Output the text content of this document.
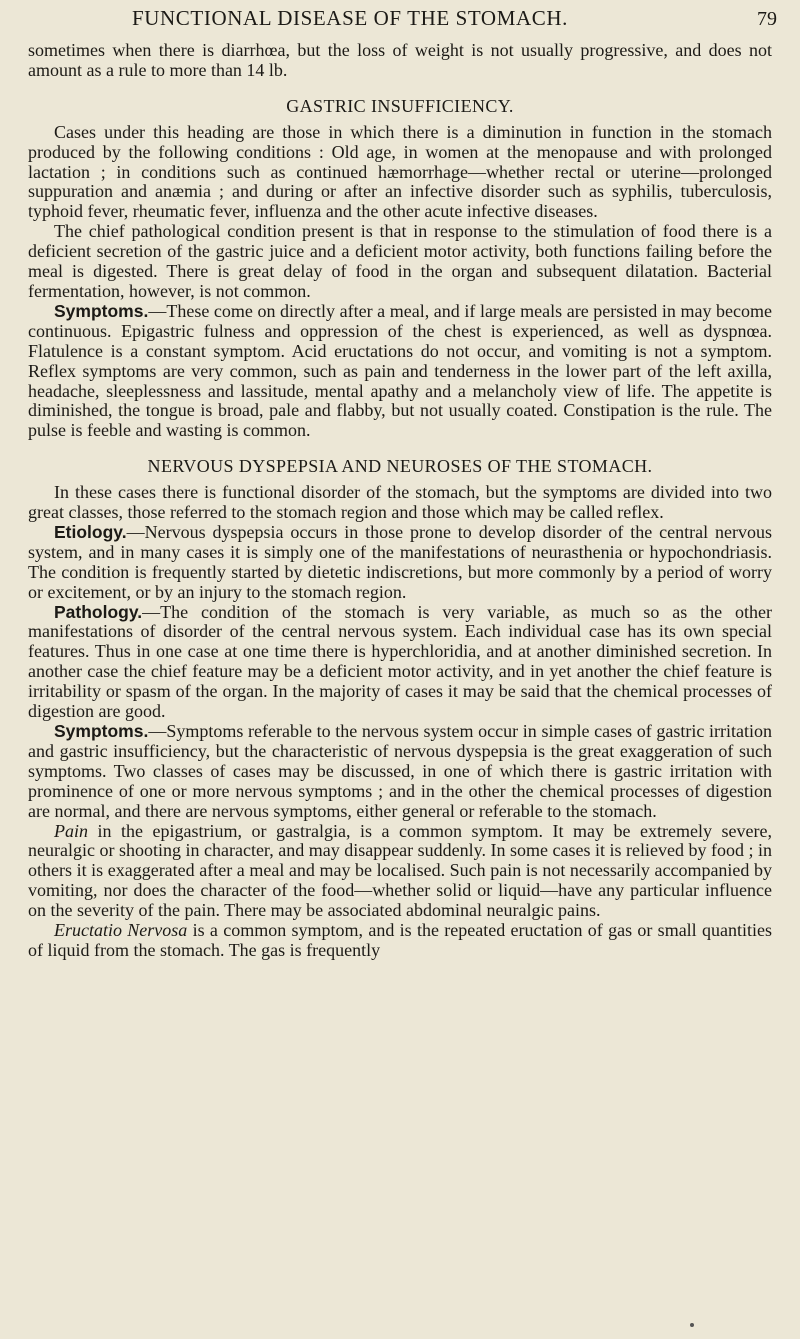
FUNCTIONAL DISEASE OF THE STOMACH.	79

sometimes when there is diarrhœa, but the loss of weight is not usually progressive, and does not amount as a rule to more than 14 lb.

GASTRIC INSUFFICIENCY.

Cases under this heading are those in which there is a diminution in function in the stomach produced by the following conditions : Old age, in women at the menopause and with prolonged lactation ; in conditions such as continued hæmorrhage—whether rectal or uterine—prolonged suppuration and anæmia ; and during or after an infective disorder such as syphilis, tuberculosis, typhoid fever, rheumatic fever, influenza and the other acute infective diseases.

The chief pathological condition present is that in response to the stimulation of food there is a deficient secretion of the gastric juice and a deficient motor activity, both functions failing before the meal is digested. There is great delay of food in the organ and subsequent dilatation. Bacterial fermentation, however, is not common.

Symptoms.—These come on directly after a meal, and if large meals are persisted in may become continuous. Epigastric fulness and oppression of the chest is experienced, as well as dyspnœa. Flatulence is a constant symptom. Acid eructations do not occur, and vomiting is not a symptom. Reflex symptoms are very common, such as pain and tenderness in the lower part of the left axilla, headache, sleeplessness and lassitude, mental apathy and a melancholy view of life. The appetite is diminished, the tongue is broad, pale and flabby, but not usually coated. Constipation is the rule. The pulse is feeble and wasting is common.

NERVOUS DYSPEPSIA AND NEUROSES OF THE STOMACH.

In these cases there is functional disorder of the stomach, but the symptoms are divided into two great classes, those referred to the stomach region and those which may be called reflex.

Etiology.—Nervous dyspepsia occurs in those prone to develop disorder of the central nervous system, and in many cases it is simply one of the manifestations of neurasthenia or hypochondriasis. The condition is frequently started by dietetic indiscretions, but more commonly by a period of worry or excitement, or by an injury to the stomach region.

Pathology.—The condition of the stomach is very variable, as much so as the other manifestations of disorder of the central nervous system. Each individual case has its own special features. Thus in one case at one time there is hyperchloridia, and at another diminished secretion. In another case the chief feature may be a deficient motor activity, and in yet another the chief feature is irritability or spasm of the organ. In the majority of cases it may be said that the chemical processes of digestion are good.

Symptoms.—Symptoms referable to the nervous system occur in simple cases of gastric irritation and gastric insufficiency, but the characteristic of nervous dyspepsia is the great exaggeration of such symptoms. Two classes of cases may be discussed, in one of which there is gastric irritation with prominence of one or more nervous symptoms ; and in the other the chemical processes of digestion are normal, and there are nervous symptoms, either general or referable to the stomach.

Pain in the epigastrium, or gastralgia, is a common symptom. It may be extremely severe, neuralgic or shooting in character, and may disappear suddenly. In some cases it is relieved by food ; in others it is exaggerated after a meal and may be localised. Such pain is not necessarily accompanied by vomiting, nor does the character of the food—whether solid or liquid—have any particular influence on the severity of the pain. There may be associated abdominal neuralgic pains.

Eructatio Nervosa is a common symptom, and is the repeated eructation of gas or small quantities of liquid from the stomach. The gas is frequently
